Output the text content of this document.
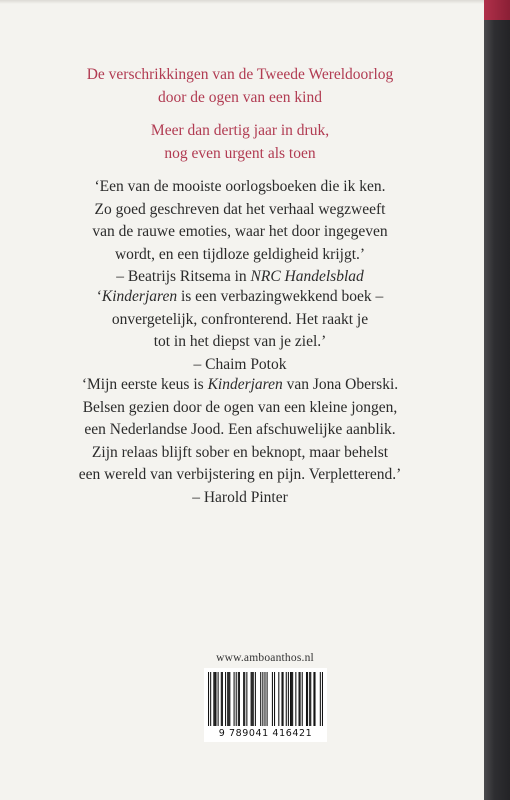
De verschrikkingen van de Tweede Wereldoorlog

door de ogen van een kind

Meer dan dertig jaar in druk,

nog even urgent als toen

‘Een van de mooiste oorlogsboeken die ik ken.

Zo goed geschreven dat het verhaal wegzweeft

van de rauwe emoties, waar het door ingegeven

wordt, en een tijdloze geldigheid krijgt.’

– Beatrijs Ritsema in NRC Handelsblad

‘Kinderjaren is een verbazingwekkend boek –

onvergetelijk, confronterend. Het raakt je

tot in het diepst van je ziel.’

– Chaim Potok

‘Mijn eerste keus is Kinderjaren van Jona Oberski.

Belsen gezien door de ogen van een kleine jongen,

een Nederlandse Jood. Een afschuwelijke aanblik.

Zijn relaas blijft sober en beknopt, maar behelst

een wereld van verbijstering en pijn. Verpletterend.’

– Harold Pinter

www.amboanthos.nl
9 789041 416421
